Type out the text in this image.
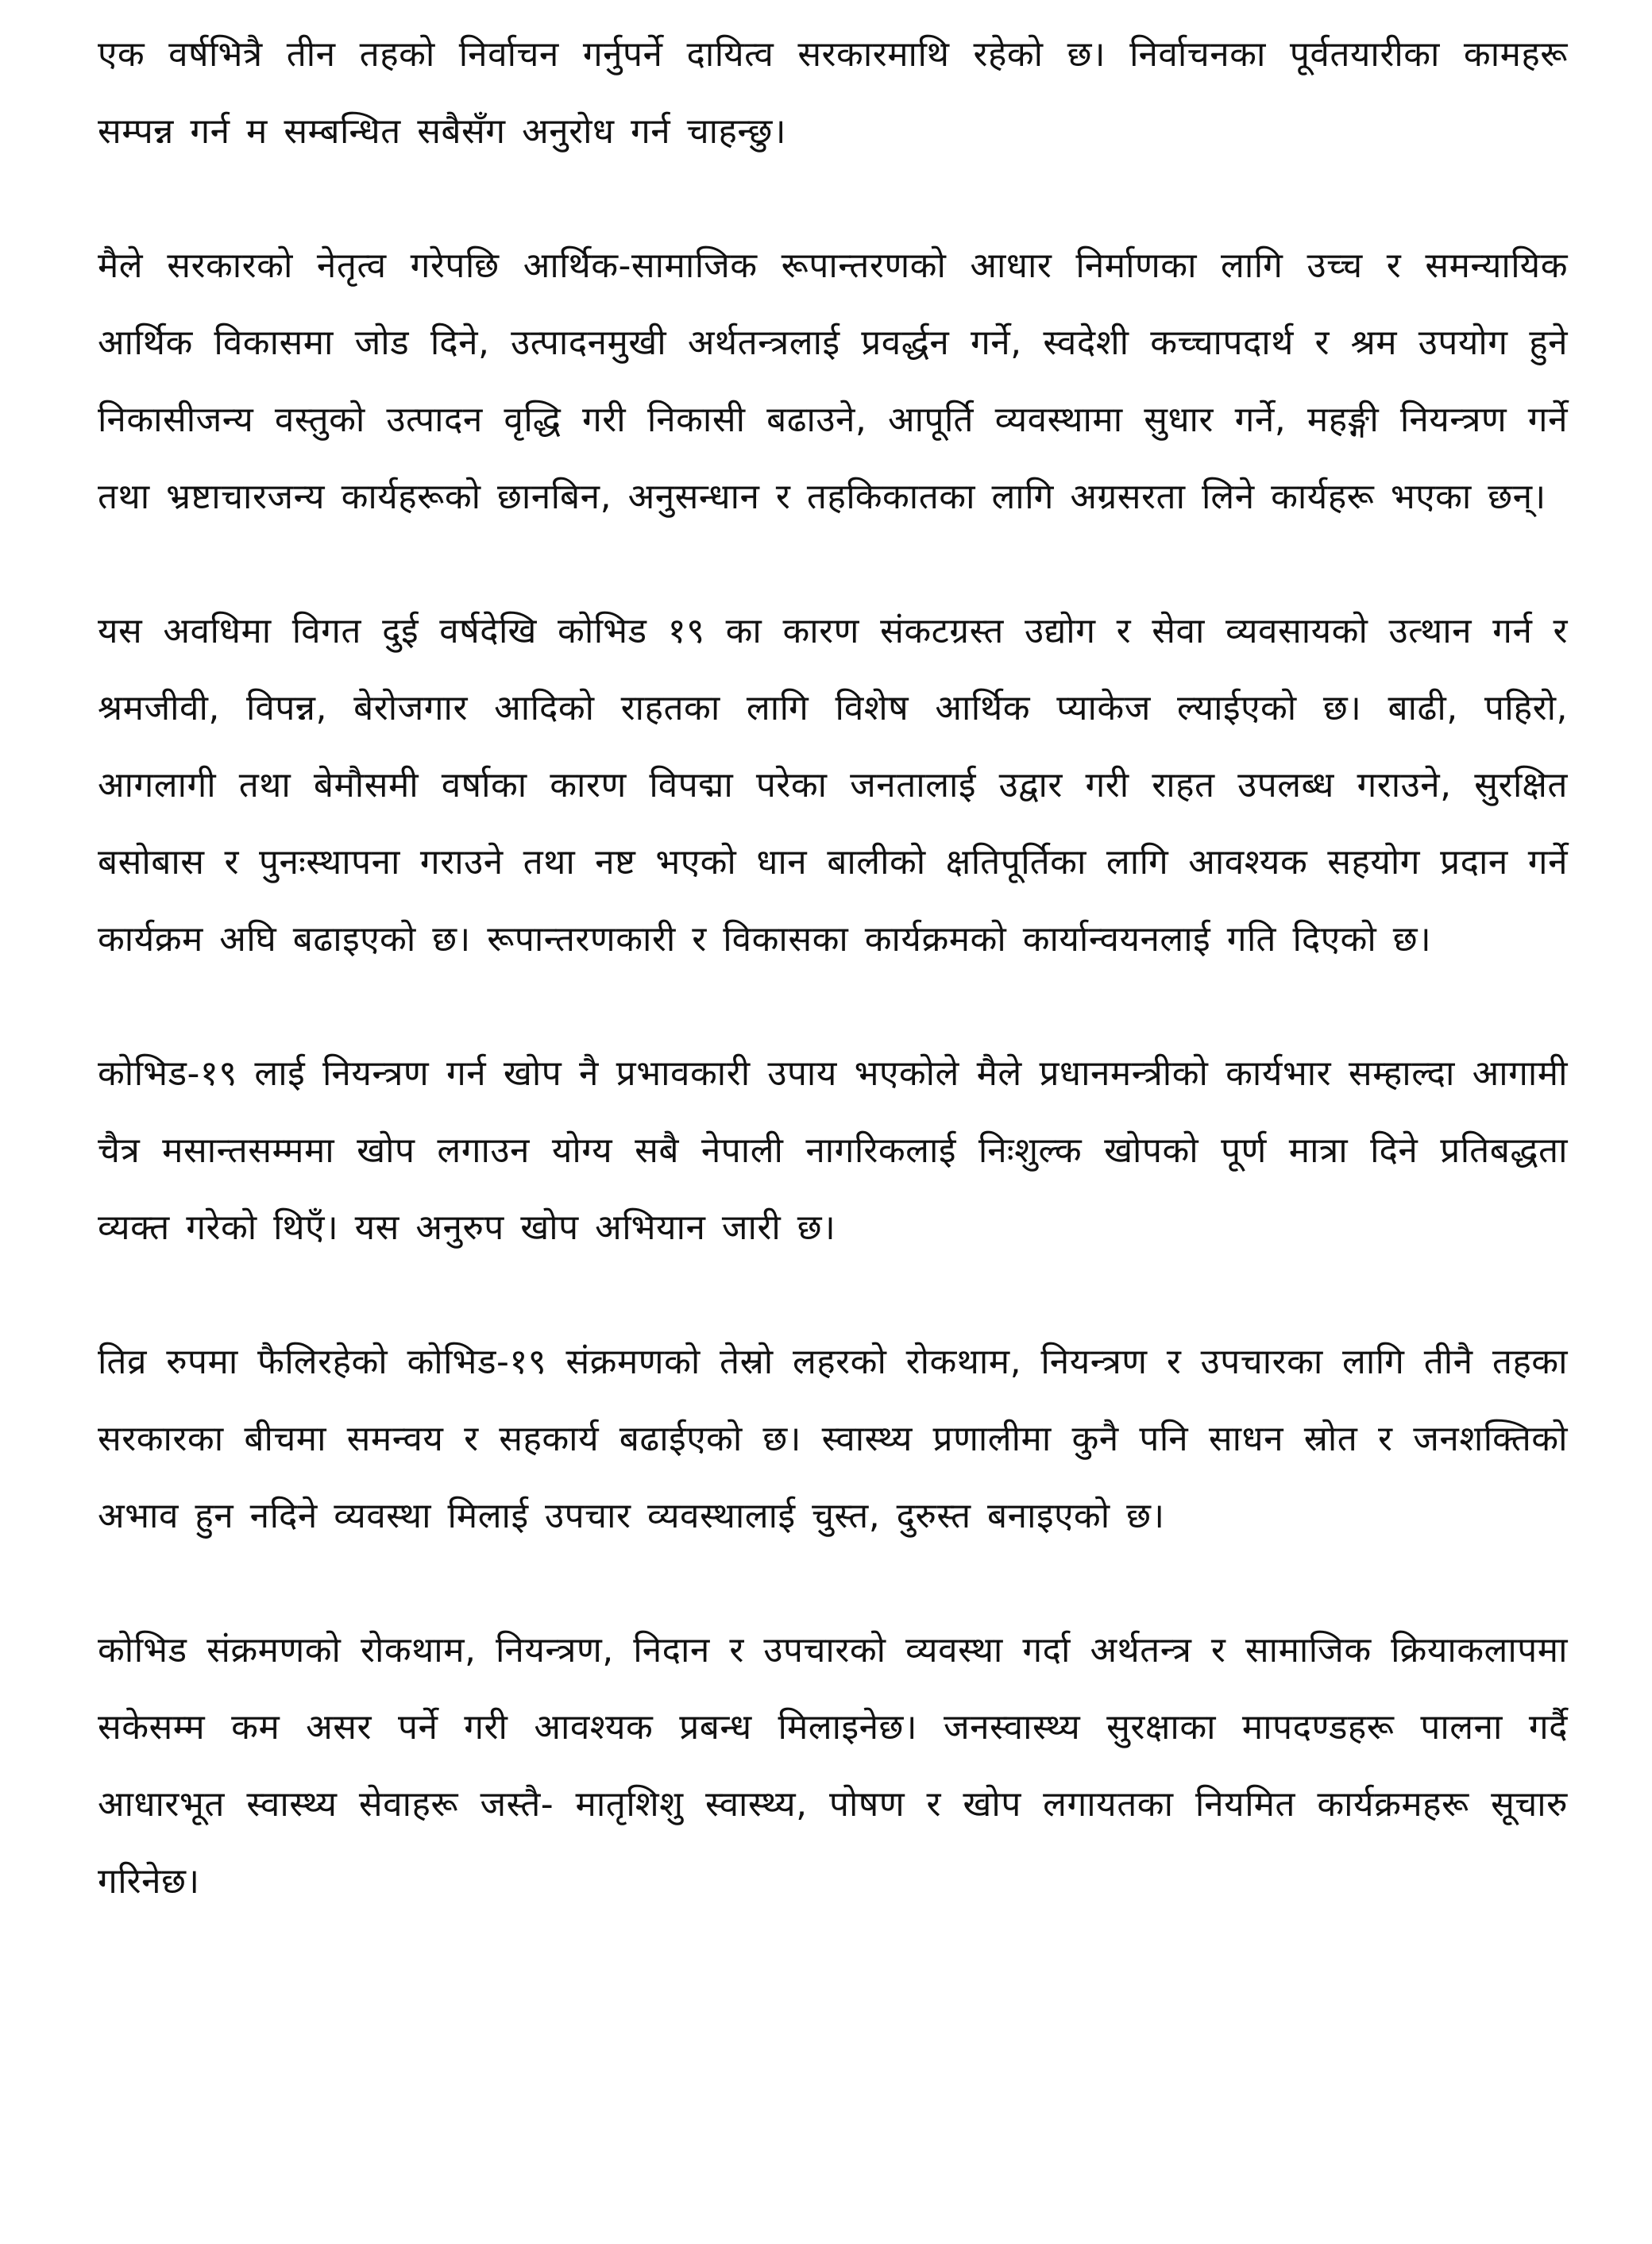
एक वर्षभित्रै तीन तहको निर्वाचन गर्नुपर्ने दायित्व सरकारमाथि रहेको छ। निर्वाचनका पूर्वतयारीका कामहरू सम्पन्न गर्न म सम्बन्धित सबैसँग अनुरोध गर्न चाहन्छु।

मैले सरकारको नेतृत्व गरेपछि आर्थिक-सामाजिक रूपान्तरणको आधार निर्माणका लागि उच्च र समन्यायिक आर्थिक विकासमा जोड दिने, उत्पादनमुखी अर्थतन्त्रलाई प्रवर्द्धन गर्ने, स्वदेशी कच्चापदार्थ र श्रम उपयोग हुने निकासीजन्य वस्तुको उत्पादन वृद्धि गरी निकासी बढाउने, आपूर्ति व्यवस्थामा सुधार गर्ने, महङ्गी नियन्त्रण गर्ने तथा भ्रष्टाचारजन्य कार्यहरूको छानबिन, अनुसन्धान र तहकिकातका लागि अग्रसरता लिने कार्यहरू भएका छन्।

यस अवधिमा विगत दुई वर्षदेखि कोभिड १९ का कारण संकटग्रस्त उद्योग र सेवा व्यवसायको उत्थान गर्न र श्रमजीवी, विपन्न, बेरोजगार आदिको राहतका लागि विशेष आर्थिक प्याकेज ल्याईएको छ। बाढी, पहिरो, आगलागी तथा बेमौसमी वर्षाका कारण विपद्मा परेका जनतालाई उद्वार गरी राहत उपलब्ध गराउने, सुरक्षित बसोबास र पुनःस्थापना गराउने तथा नष्ट भएको धान बालीको क्षतिपूर्तिका लागि आवश्यक सहयोग प्रदान गर्ने कार्यक्रम अघि बढाइएको छ। रूपान्तरणकारी र विकासका कार्यक्रमको कार्यान्वयनलाई गति दिएको छ।

कोभिड-१९ लाई नियन्त्रण गर्न खोप नै प्रभावकारी उपाय भएकोले मैले प्रधानमन्त्रीको कार्यभार सम्हाल्दा आगामी चैत्र मसान्तसम्ममा खोप लगाउन योग्य सबै नेपाली नागरिकलाई निःशुल्क खोपको पूर्ण मात्रा दिने प्रतिबद्धता व्यक्त गरेको थिएँ। यस अनुरुप खोप अभियान जारी छ।

तिव्र रुपमा फैलिरहेको कोभिड-१९ संक्रमणको तेस्रो लहरको रोकथाम, नियन्त्रण र उपचारका लागि तीनै तहका सरकारका बीचमा समन्वय र सहकार्य बढाईएको छ। स्वास्थ्य प्रणालीमा कुनै पनि साधन स्रोत र जनशक्तिको अभाव हुन नदिने व्यवस्था मिलाई उपचार व्यवस्थालाई चुस्त, दुरुस्त बनाइएको छ।

कोभिड संक्रमणको रोकथाम, नियन्त्रण, निदान र उपचारको व्यवस्था गर्दा अर्थतन्त्र र सामाजिक क्रियाकलापमा सकेसम्म कम असर पर्ने गरी आवश्यक प्रबन्ध मिलाइनेछ। जनस्वास्थ्य सुरक्षाका मापदण्डहरू पालना गर्दै आधारभूत स्वास्थ्य सेवाहरू जस्तै- मातृशिशु स्वास्थ्य, पोषण र खोप लगायतका नियमित कार्यक्रमहरू सूचारु गरिनेछ।
